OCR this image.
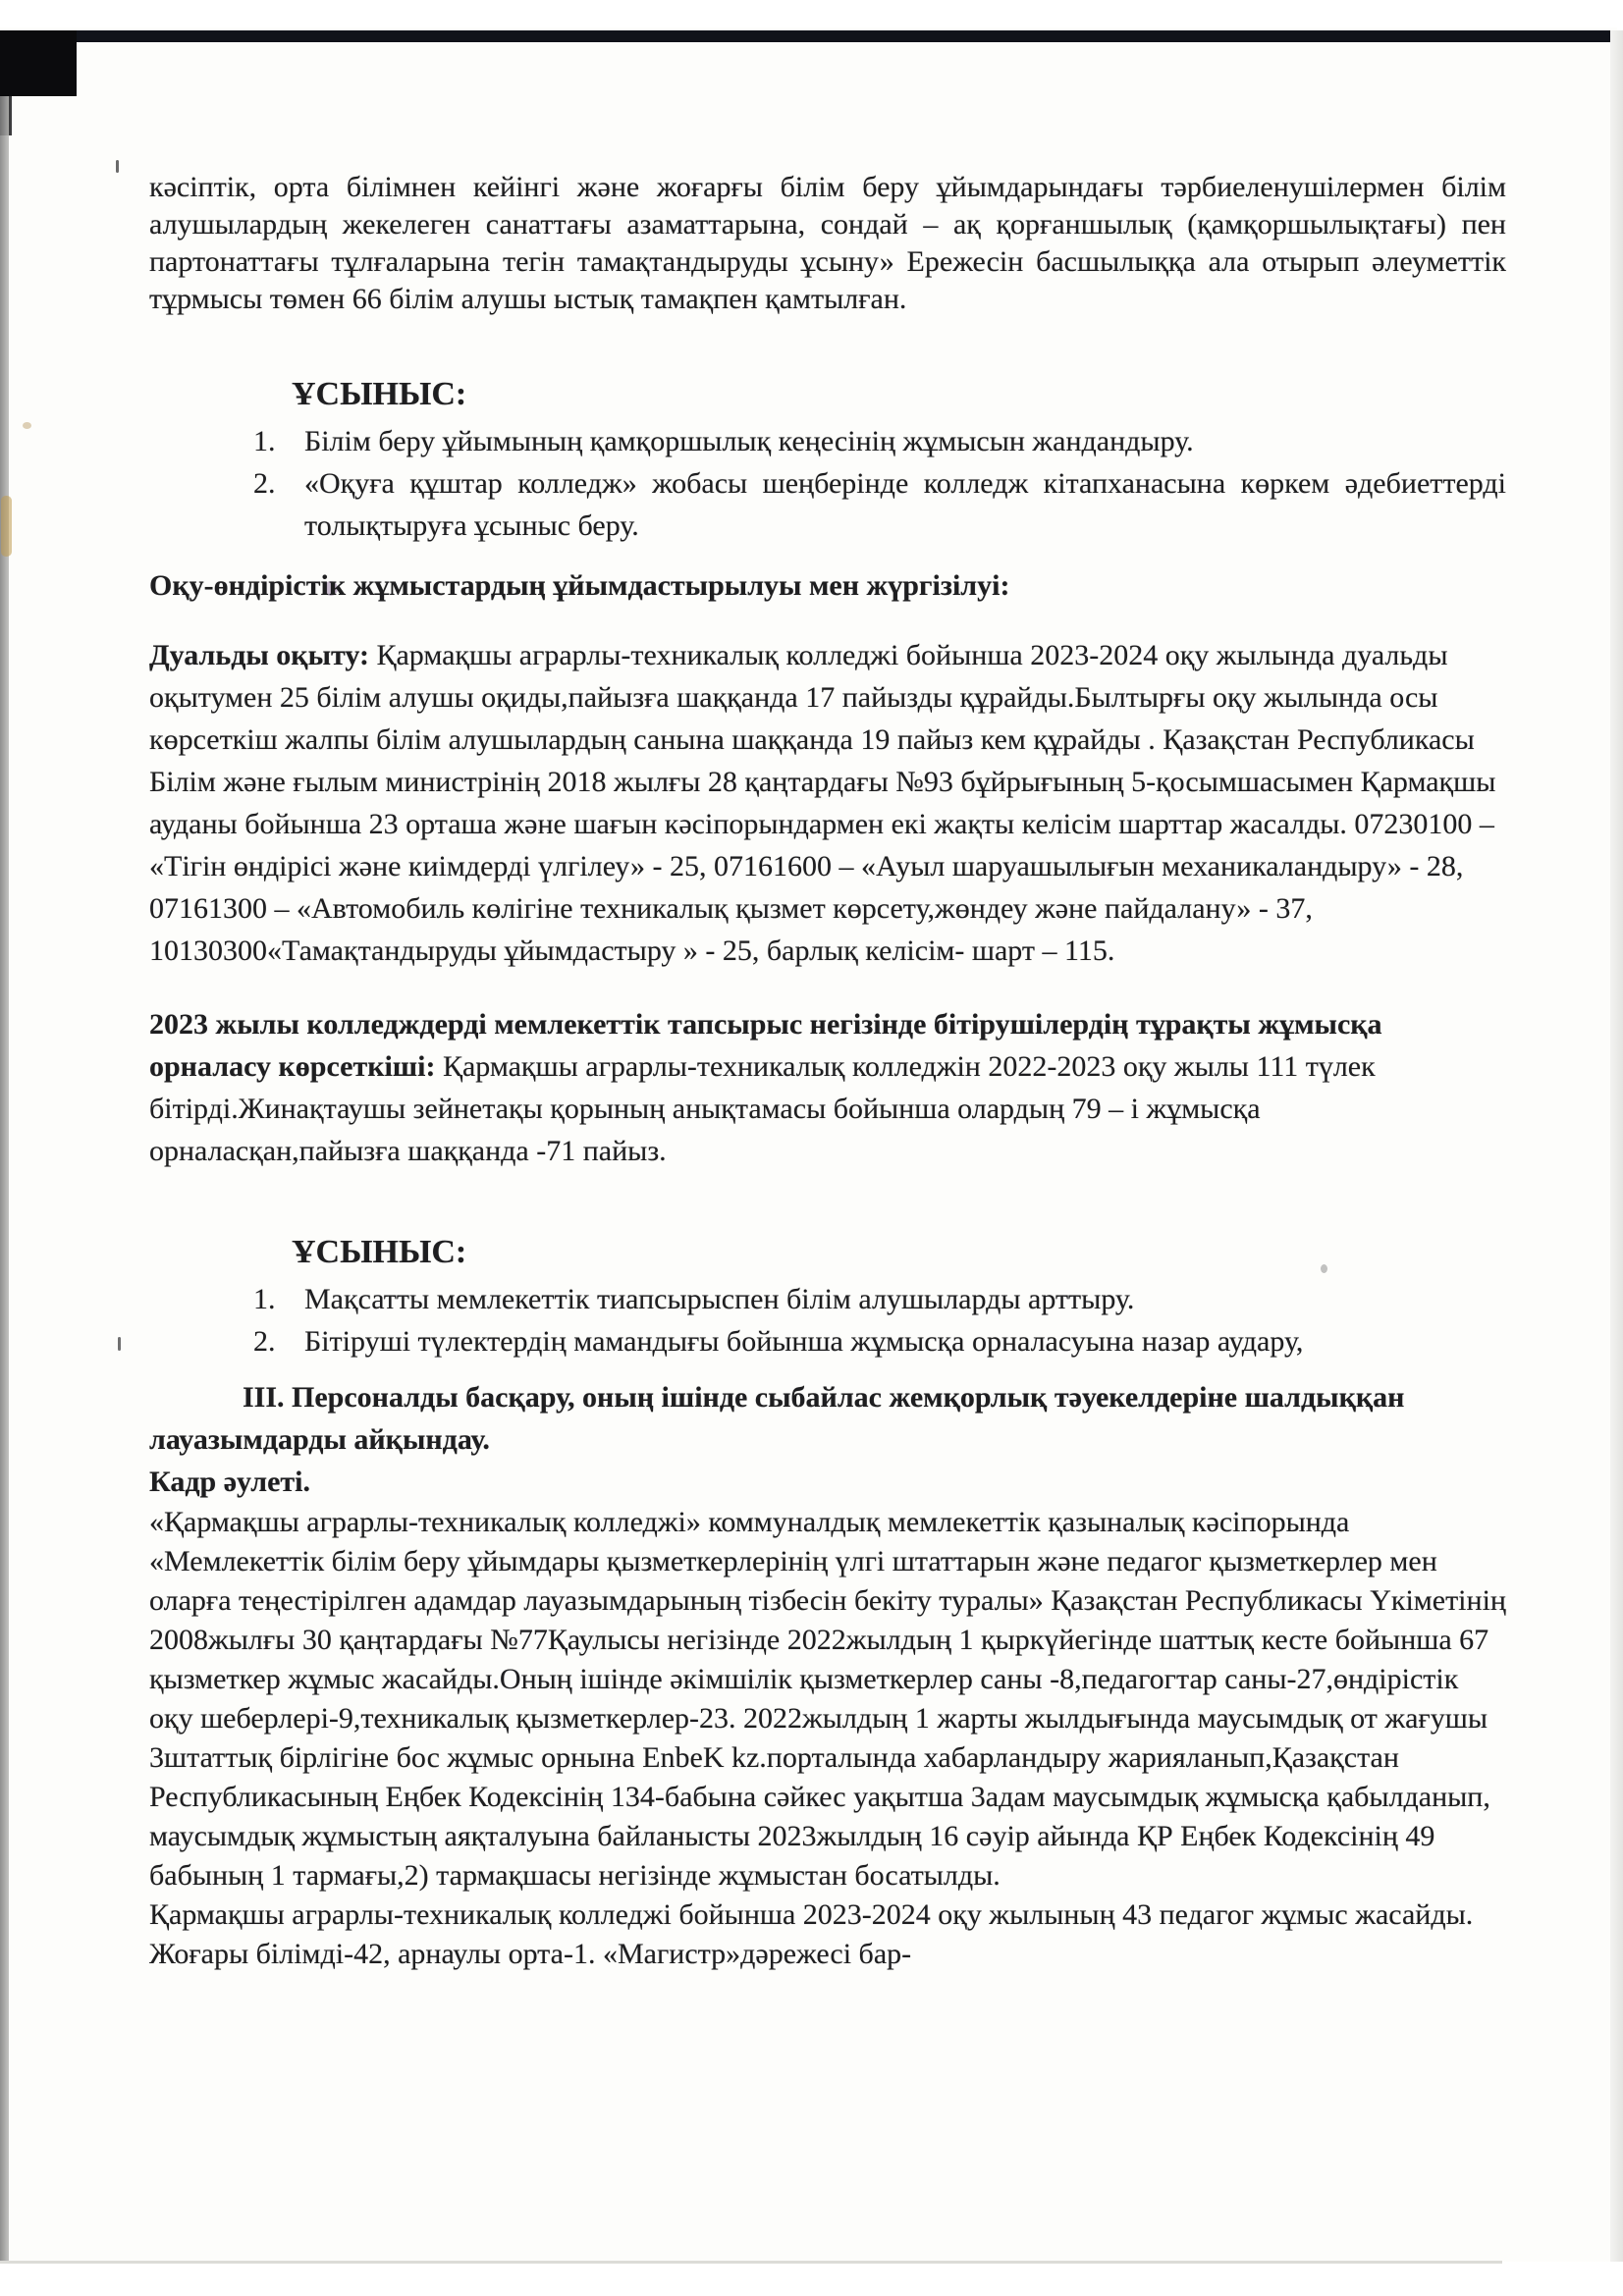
кәсіптік, орта білімнен кейінгі және жоғарғы білім беру ұйымдарындағы тәрбиеленушілермен білім алушылардың жекелеген санаттағы азаматтарына, сондай – ақ қорғаншылық (қамқоршылықтағы) пен партонаттағы тұлғаларына тегін тамақтандыруды ұсыну» Ережесін басшылыққа ала отырып әлеуметтік тұрмысы төмен 66 білім алушы ыстық тамақпен қамтылған.

ҰСЫНЫС:
1. Білім беру ұйымының қамқоршылық кеңесінің жұмысын жандандыру.
2. «Оқуға құштар колледж» жобасы шеңберінде колледж кітапханасына көркем әдебиеттерді толықтыруға ұсыныс беру.

Оқу-өндірістік жұмыстардың ұйымдастырылуы мен жүргізілуі:

Дуальды оқыту: Қармақшы аграрлы-техникалық колледжі бойынша 2023-2024 оқу жылында дуальды оқытумен 25 білім алушы оқиды,пайызға шаққанда 17 пайызды құрайды.Былтырғы оқу жылында осы көрсеткіш жалпы білім алушылардың санына шаққанда 19 пайыз кем құрайды . Қазақстан Республикасы Білім және ғылым министрінің 2018 жылғы 28 қаңтардағы №93 бұйрығының 5-қосымшасымен Қармақшы ауданы бойынша 23 орташа және шағын кәсіпорындармен екі жақты келісім шарттар жасалды. 07230100 – «Тігін өндірісі және киімдерді үлгілеу» - 25, 07161600 – «Ауыл шаруашылығын механикаландыру» - 28, 07161300 – «Автомобиль көлігіне техникалық қызмет көрсету,жөндеу және пайдалану» - 37, 10130300«Тамақтандыруды ұйымдастыру » - 25, барлық келісім- шарт – 115.

2023 жылы колледждерді мемлекеттік тапсырыс негізінде бітірушілердің тұрақты жұмысқа орналасу көрсеткіші: Қармақшы аграрлы-техникалық колледжін 2022-2023 оқу жылы 111 түлек бітірді.Жинақтаушы зейнетақы қорының анықтамасы бойынша олардың 79 – і жұмысқа орналасқан,пайызға шаққанда -71 пайыз.

ҰСЫНЫС:
1. Мақсатты мемлекеттік тиапсырыспен білім алушыларды арттыру.
2. Бітіруші түлектердің мамандығы бойынша жұмысқа орналасуына назар аудару,

III. Персоналды басқару, оның ішінде сыбайлас жемқорлық тәуекелдеріне шалдыққан лауазымдарды айқындау.

Кадр әулеті.

«Қармақшы аграрлы-техникалық колледжі» коммуналдық мемлекеттік қазыналық кәсіпорында «Мемлекеттік білім беру ұйымдары қызметкерлерінің үлгі штаттарын және педагог қызметкерлер мен оларға теңестірілген адамдар лауазымдарының тізбесін бекіту туралы» Қазақстан Республикасы Үкіметінің 2008жылғы 30 қаңтардағы №77Қаулысы негізінде 2022жылдың 1 қыркүйегінде шаттық кесте бойынша 67 қызметкер жұмыс жасайды.Оның ішінде әкімшілік қызметкерлер саны -8,педагогтар саны-27,өндірістік оқу шеберлері-9,техникалық қызметкерлер-23. 2022жылдың 1 жарты жылдығында маусымдық от жағушы 3штаттық бірлігіне бос жұмыс орнына EnbeK kz.порталында хабарландыру жарияланып,Қазақстан Республикасының Еңбек Кодексінің 134-бабына сәйкес уақытша 3адам маусымдық жұмысқа қабылданып, маусымдық жұмыстың аяқталуына байланысты 2023жылдың 16 сәуір айында ҚР Еңбек Кодексінің 49 бабының 1 тармағы,2) тармақшасы негізінде жұмыстан босатылды.

Қармақшы аграрлы-техникалық колледжі бойынша 2023-2024 оқу жылының 43 педагог жұмыс жасайды. Жоғары білімді-42, арнаулы орта-1. «Магистр»дәрежесі бар-
